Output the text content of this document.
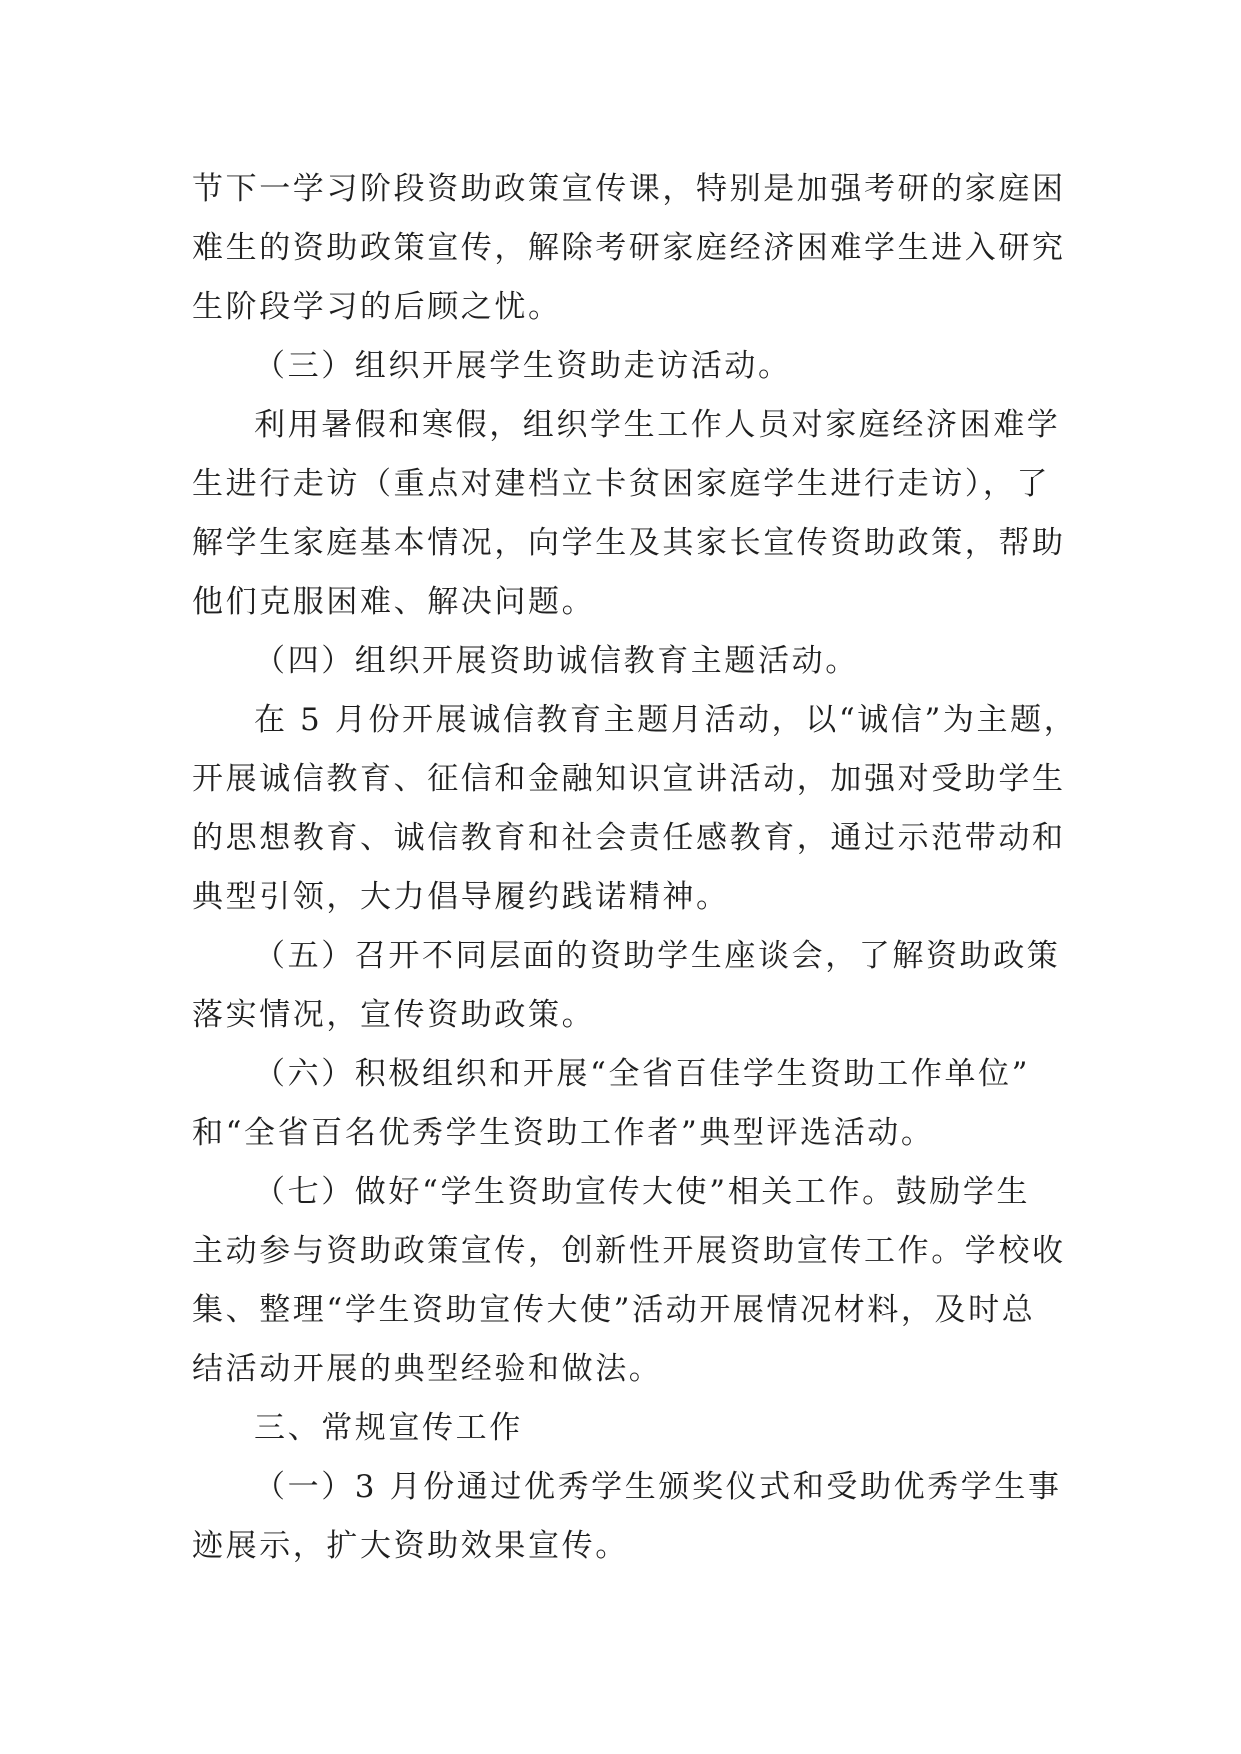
节下一学习阶段资助政策宣传课，特别是加强考研的家庭困
难生的资助政策宣传，解除考研家庭经济困难学生进入研究
生阶段学习的后顾之忧。
（三）组织开展学生资助走访活动。
利用暑假和寒假，组织学生工作人员对家庭经济困难学
生进行走访（重点对建档立卡贫困家庭学生进行走访），了
解学生家庭基本情况，向学生及其家长宣传资助政策，帮助
他们克服困难、解决问题。
（四）组织开展资助诚信教育主题活动。
在 5 月份开展诚信教育主题月活动，以“诚信”为主题，
开展诚信教育、征信和金融知识宣讲活动，加强对受助学生
的思想教育、诚信教育和社会责任感教育，通过示范带动和
典型引领，大力倡导履约践诺精神。
（五）召开不同层面的资助学生座谈会，了解资助政策
落实情况，宣传资助政策。
（六）积极组织和开展“全省百佳学生资助工作单位”
和“全省百名优秀学生资助工作者”典型评选活动。
（七）做好“学生资助宣传大使”相关工作。鼓励学生
主动参与资助政策宣传，创新性开展资助宣传工作。学校收
集、整理“学生资助宣传大使”活动开展情况材料，及时总
结活动开展的典型经验和做法。
三、常规宣传工作
（一）3 月份通过优秀学生颁奖仪式和受助优秀学生事
迹展示，扩大资助效果宣传。
